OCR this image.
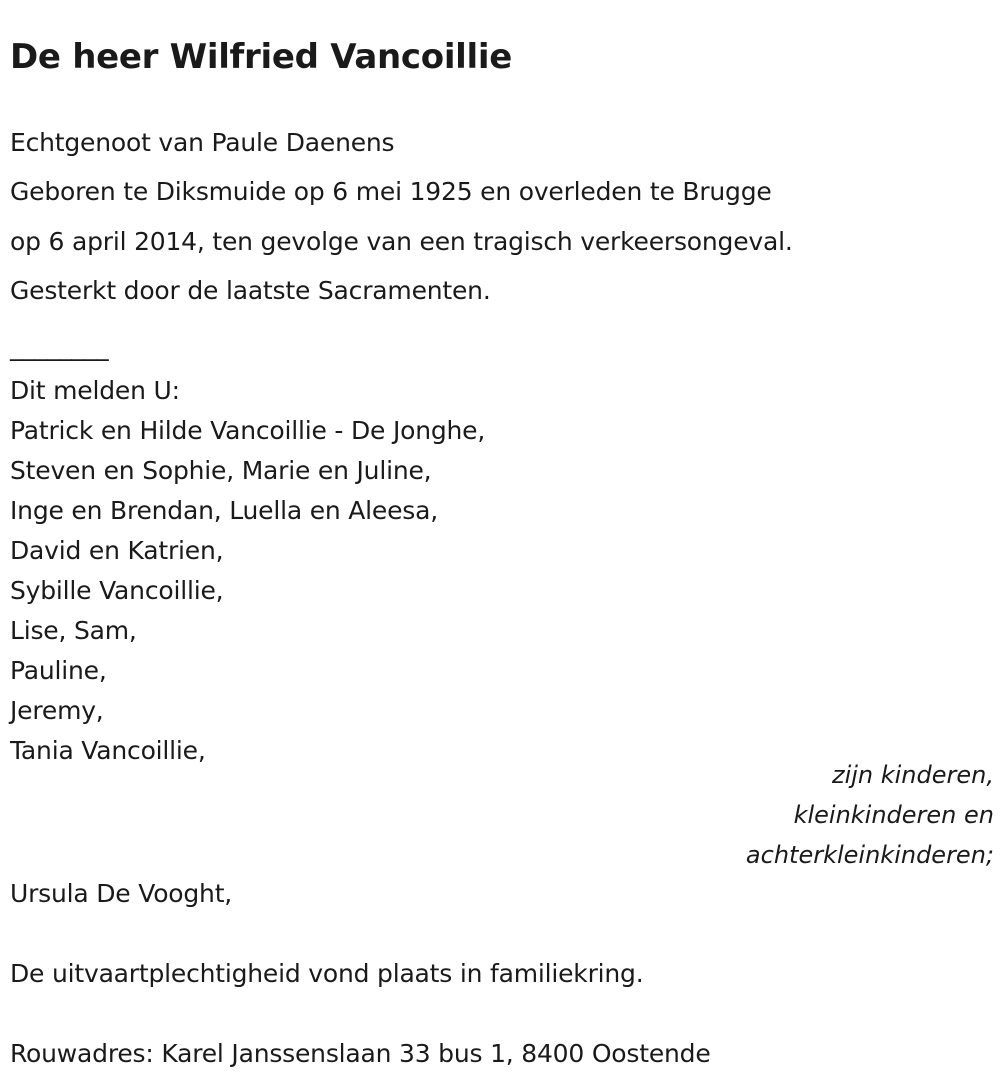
De heer Wilfried Vancoillie
Echtgenoot van Paule Daenens
Geboren te Diksmuide op 6 mei 1925 en overleden te Brugge
op 6 april 2014, ten gevolge van een tragisch verkeersongeval.
Gesterkt door de laatste Sacramenten.
________
Dit melden U:
Patrick en Hilde Vancoillie - De Jonghe,
Steven en Sophie, Marie en Juline,
Inge en Brendan, Luella en Aleesa,
David en Katrien,
Sybille Vancoillie,
Lise, Sam,
Pauline,
Jeremy,
Tania Vancoillie,
zijn kinderen,
kleinkinderen en
achterkleinkinderen;
Ursula De Vooght,
De uitvaartplechtigheid vond plaats in familiekring.
Rouwadres: Karel Janssenslaan 33 bus 1, 8400 Oostende
